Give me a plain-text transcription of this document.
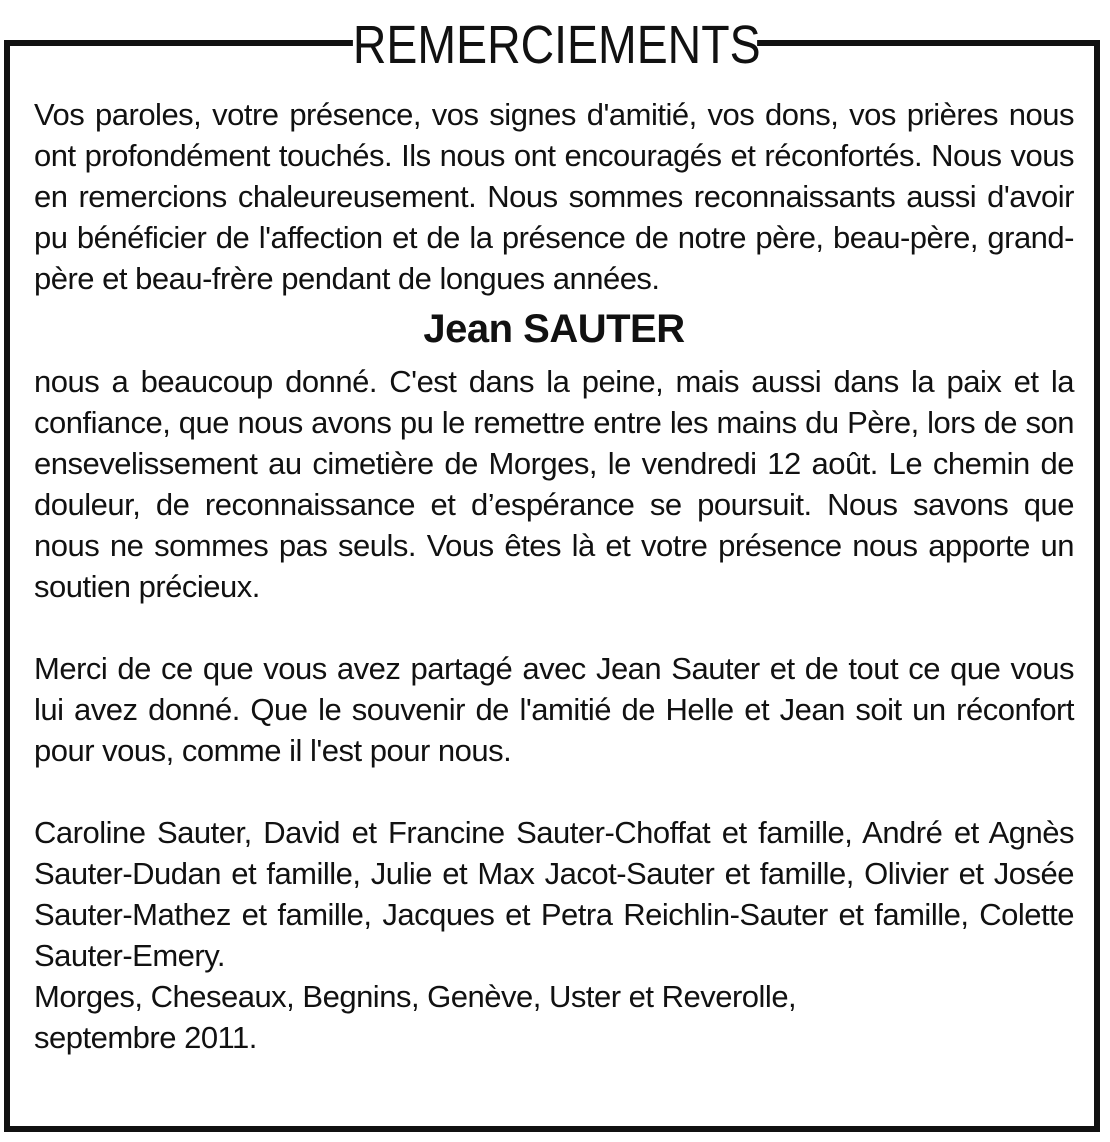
REMERCIEMENTS

Vos paroles, votre présence, vos signes d'amitié, vos dons, vos prières nous ont profondément touchés. Ils nous ont encouragés et réconfortés. Nous vous en remercions chaleureusement. Nous sommes reconnaissants aussi d'avoir pu bénéficier de l'affection et de la présence de notre père, beau-père, grand-père et beau-frère pendant de longues années.

Jean SAUTER

nous a beaucoup donné. C'est dans la peine, mais aussi dans la paix et la confiance, que nous avons pu le remettre entre les mains du Père, lors de son ensevelissement au cimetière de Morges, le vendredi 12 août. Le chemin de douleur, de reconnaissance et d’espérance se poursuit. Nous savons que nous ne sommes pas seuls. Vous êtes là et votre présence nous apporte un soutien précieux.

Merci de ce que vous avez partagé avec Jean Sauter et de tout ce que vous lui avez donné. Que le souvenir de l'amitié de Helle et Jean soit un réconfort pour vous, comme il l'est pour nous.

Caroline Sauter, David et Francine Sauter-Choffat et famille, André et Agnès Sauter-Dudan et famille, Julie et Max Jacot-Sauter et famille, Olivier et Josée Sauter-Mathez et famille, Jacques et Petra Reichlin-Sauter et famille, Colette Sauter-Emery.

Morges, Cheseaux, Begnins, Genève, Uster et Reverolle,

septembre 2011.
